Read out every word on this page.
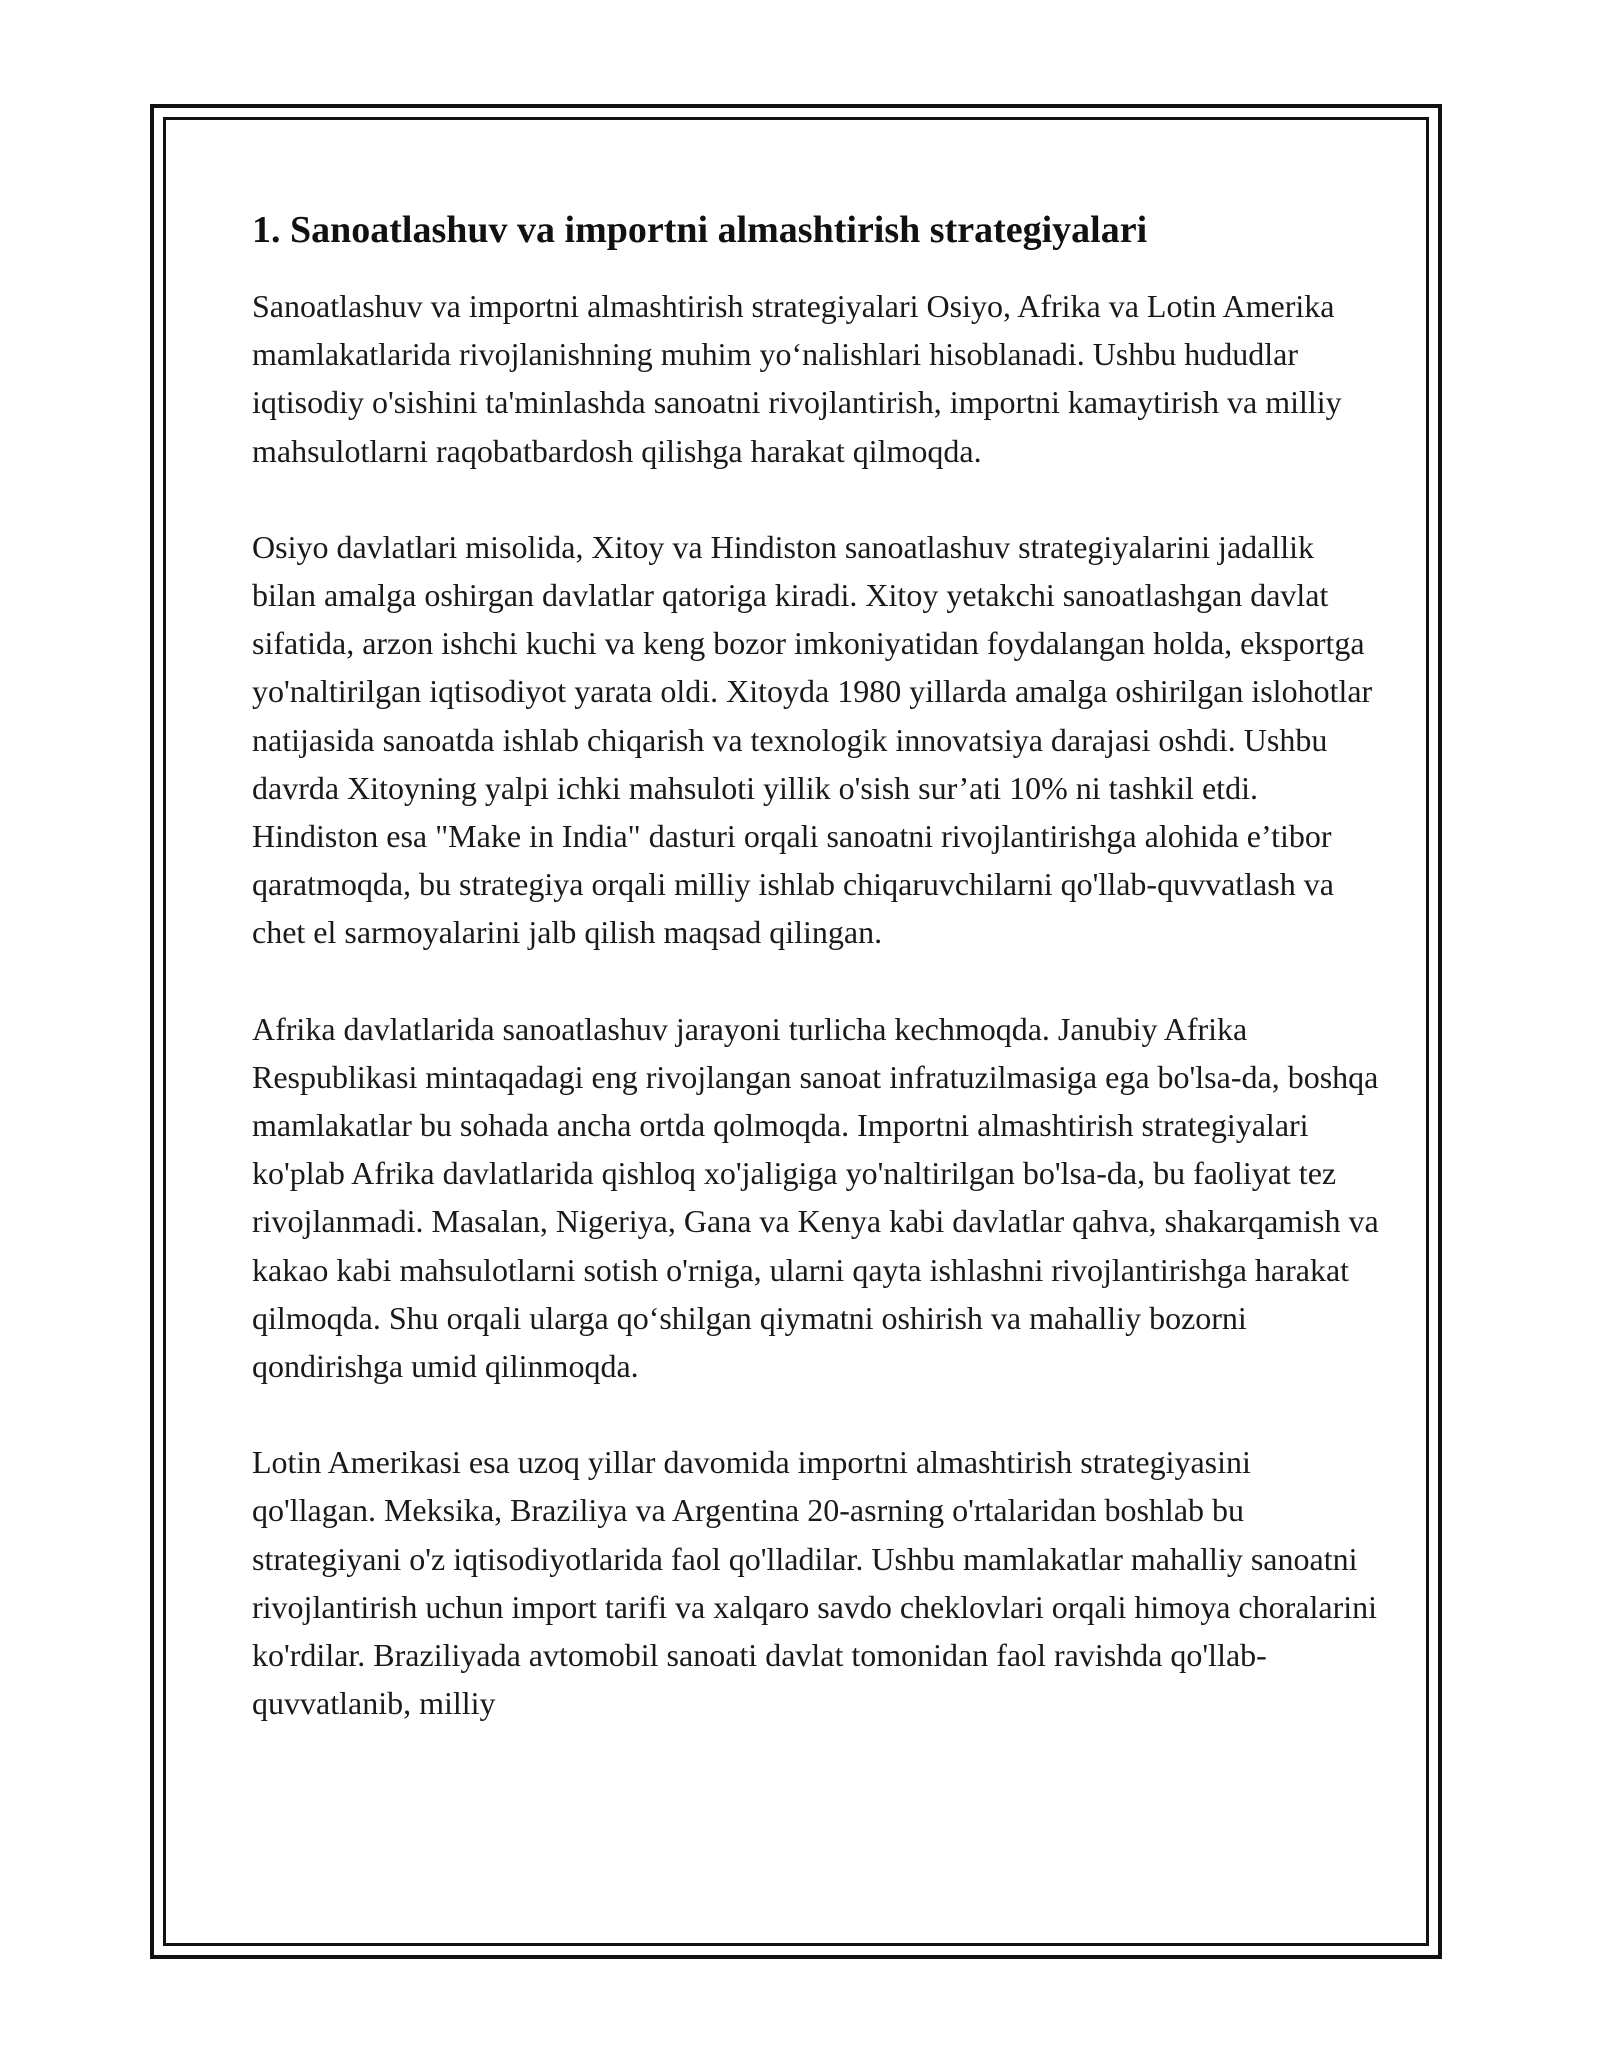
1. Sanoatlashuv va importni almashtirish strategiyalari

Sanoatlashuv va importni almashtirish strategiyalari Osiyo, Afrika va Lotin Amerika mamlakatlarida rivojlanishning muhim yo‘nalishlari hisoblanadi. Ushbu hududlar iqtisodiy o'sishini ta'minlashda sanoatni rivojlantirish, importni kamaytirish va milliy mahsulotlarni raqobatbardosh qilishga harakat qilmoqda.

Osiyo davlatlari misolida, Xitoy va Hindiston sanoatlashuv strategiyalarini jadallik bilan amalga oshirgan davlatlar qatoriga kiradi. Xitoy yetakchi sanoatlashgan davlat sifatida, arzon ishchi kuchi va keng bozor imkoniyatidan foydalangan holda, eksportga yo'naltirilgan iqtisodiyot yarata oldi. Xitoyda 1980 yillarda amalga oshirilgan islohotlar natijasida sanoatda ishlab chiqarish va texnologik innovatsiya darajasi oshdi. Ushbu davrda Xitoyning yalpi ichki mahsuloti yillik o'sish sur’ati 10% ni tashkil etdi. Hindiston esa "Make in India" dasturi orqali sanoatni rivojlantirishga alohida e’tibor qaratmoqda, bu strategiya orqali milliy ishlab chiqaruvchilarni qo'llab-quvvatlash va chet el sarmoyalarini jalb qilish maqsad qilingan.

Afrika davlatlarida sanoatlashuv jarayoni turlicha kechmoqda. Janubiy Afrika Respublikasi mintaqadagi eng rivojlangan sanoat infratuzilmasiga ega bo'lsa-da, boshqa mamlakatlar bu sohada ancha ortda qolmoqda. Importni almashtirish strategiyalari ko'plab Afrika davlatlarida qishloq xo'jaligiga yo'naltirilgan bo'lsa-da, bu faoliyat tez rivojlanmadi. Masalan, Nigeriya, Gana va Kenya kabi davlatlar qahva, shakarqamish va kakao kabi mahsulotlarni sotish o'rniga, ularni qayta ishlashni rivojlantirishga harakat qilmoqda. Shu orqali ularga qo‘shilgan qiymatni oshirish va mahalliy bozorni qondirishga umid qilinmoqda.

Lotin Amerikasi esa uzoq yillar davomida importni almashtirish strategiyasini qo'llagan. Meksika, Braziliya va Argentina 20-asrning o'rtalaridan boshlab bu strategiyani o'z iqtisodiyotlarida faol qo'lladilar. Ushbu mamlakatlar mahalliy sanoatni rivojlantirish uchun import tarifi va xalqaro savdo cheklovlari orqali himoya choralarini ko'rdilar. Braziliyada avtomobil sanoati davlat tomonidan faol ravishda qo'llab-quvvatlanib, milliy
